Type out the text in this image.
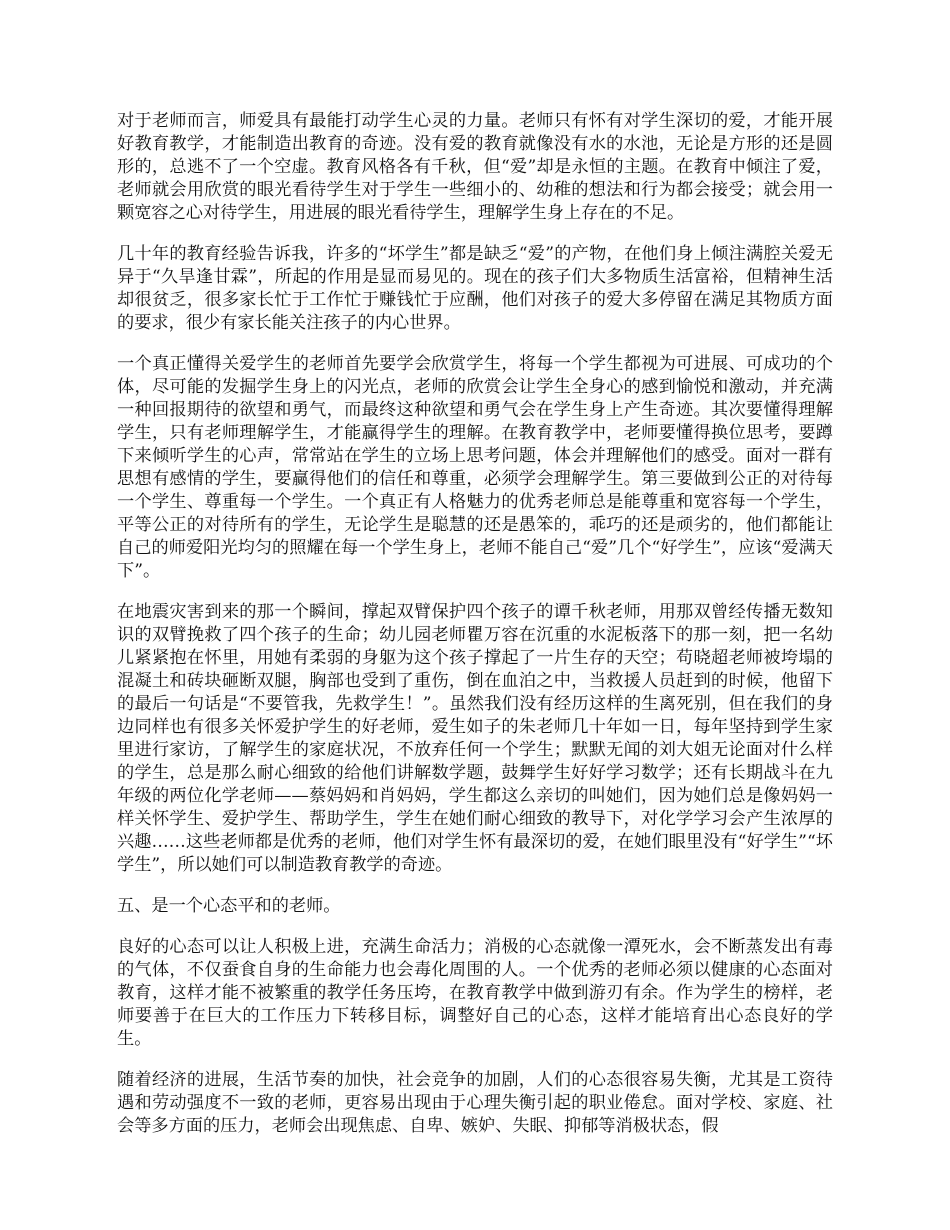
对于老师而言，师爱具有最能打动学生心灵的力量。老师只有怀有对学生深切的爱，才能开展好教育教学，才能制造出教育的奇迹。没有爱的教育就像没有水的水池，无论是方形的还是圆形的，总逃不了一个空虚。教育风格各有千秋，但“爱”却是永恒的主题。在教育中倾注了爱，老师就会用欣赏的眼光看待学生对于学生一些细小的、幼稚的想法和行为都会接受；就会用一颗宽容之心对待学生，用进展的眼光看待学生，理解学生身上存在的不足。

几十年的教育经验告诉我，许多的“坏学生”都是缺乏“爱”的产物，在他们身上倾注满腔关爱无异于“久旱逢甘霖”，所起的作用是显而易见的。现在的孩子们大多物质生活富裕，但精神生活却很贫乏，很多家长忙于工作忙于赚钱忙于应酬，他们对孩子的爱大多停留在满足其物质方面的要求，很少有家长能关注孩子的内心世界。

一个真正懂得关爱学生的老师首先要学会欣赏学生，将每一个学生都视为可进展、可成功的个体，尽可能的发掘学生身上的闪光点，老师的欣赏会让学生全身心的感到愉悦和激动，并充满一种回报期待的欲望和勇气，而最终这种欲望和勇气会在学生身上产生奇迹。其次要懂得理解学生，只有老师理解学生，才能赢得学生的理解。在教育教学中，老师要懂得换位思考，要蹲下来倾听学生的心声，常常站在学生的立场上思考问题，体会并理解他们的感受。面对一群有思想有感情的学生，要赢得他们的信任和尊重，必须学会理解学生。第三要做到公正的对待每一个学生、尊重每一个学生。一个真正有人格魅力的优秀老师总是能尊重和宽容每一个学生，平等公正的对待所有的学生，无论学生是聪慧的还是愚笨的，乖巧的还是顽劣的，他们都能让自己的师爱阳光均匀的照耀在每一个学生身上，老师不能自己“爱”几个“好学生”，应该“爱满天下”。

在地震灾害到来的那一个瞬间，撑起双臂保护四个孩子的谭千秋老师，用那双曾经传播无数知识的双臂挽救了四个孩子的生命；幼儿园老师瞿万容在沉重的水泥板落下的那一刻，把一名幼儿紧紧抱在怀里，用她有柔弱的身躯为这个孩子撑起了一片生存的天空；苟晓超老师被垮塌的混凝土和砖块砸断双腿，胸部也受到了重伤，倒在血泊之中，当救援人员赶到的时候，他留下的最后一句话是“不要管我，先救学生！”。虽然我们没有经历这样的生离死别，但在我们的身边同样也有很多关怀爱护学生的好老师，爱生如子的朱老师几十年如一日，每年坚持到学生家里进行家访，了解学生的家庭状况，不放弃任何一个学生；默默无闻的刘大姐无论面对什么样的学生，总是那么耐心细致的给他们讲解数学题，鼓舞学生好好学习数学；还有长期战斗在九年级的两位化学老师——蔡妈妈和肖妈妈，学生都这么亲切的叫她们，因为她们总是像妈妈一样关怀学生、爱护学生、帮助学生，学生在她们耐心细致的教导下，对化学学习会产生浓厚的兴趣……这些老师都是优秀的老师，他们对学生怀有最深切的爱，在她们眼里没有“好学生”“坏学生”，所以她们可以制造教育教学的奇迹。

五、是一个心态平和的老师。

良好的心态可以让人积极上进，充满生命活力；消极的心态就像一潭死水，会不断蒸发出有毒的气体，不仅蚕食自身的生命能力也会毒化周围的人。一个优秀的老师必须以健康的心态面对教育，这样才能不被繁重的教学任务压垮，在教育教学中做到游刃有余。作为学生的榜样，老师要善于在巨大的工作压力下转移目标，调整好自己的心态，这样才能培育出心态良好的学生。

随着经济的进展，生活节奏的加快，社会竞争的加剧，人们的心态很容易失衡，尤其是工资待遇和劳动强度不一致的老师，更容易出现由于心理失衡引起的职业倦怠。面对学校、家庭、社会等多方面的压力，老师会出现焦虑、自卑、嫉妒、失眠、抑郁等消极状态，假
